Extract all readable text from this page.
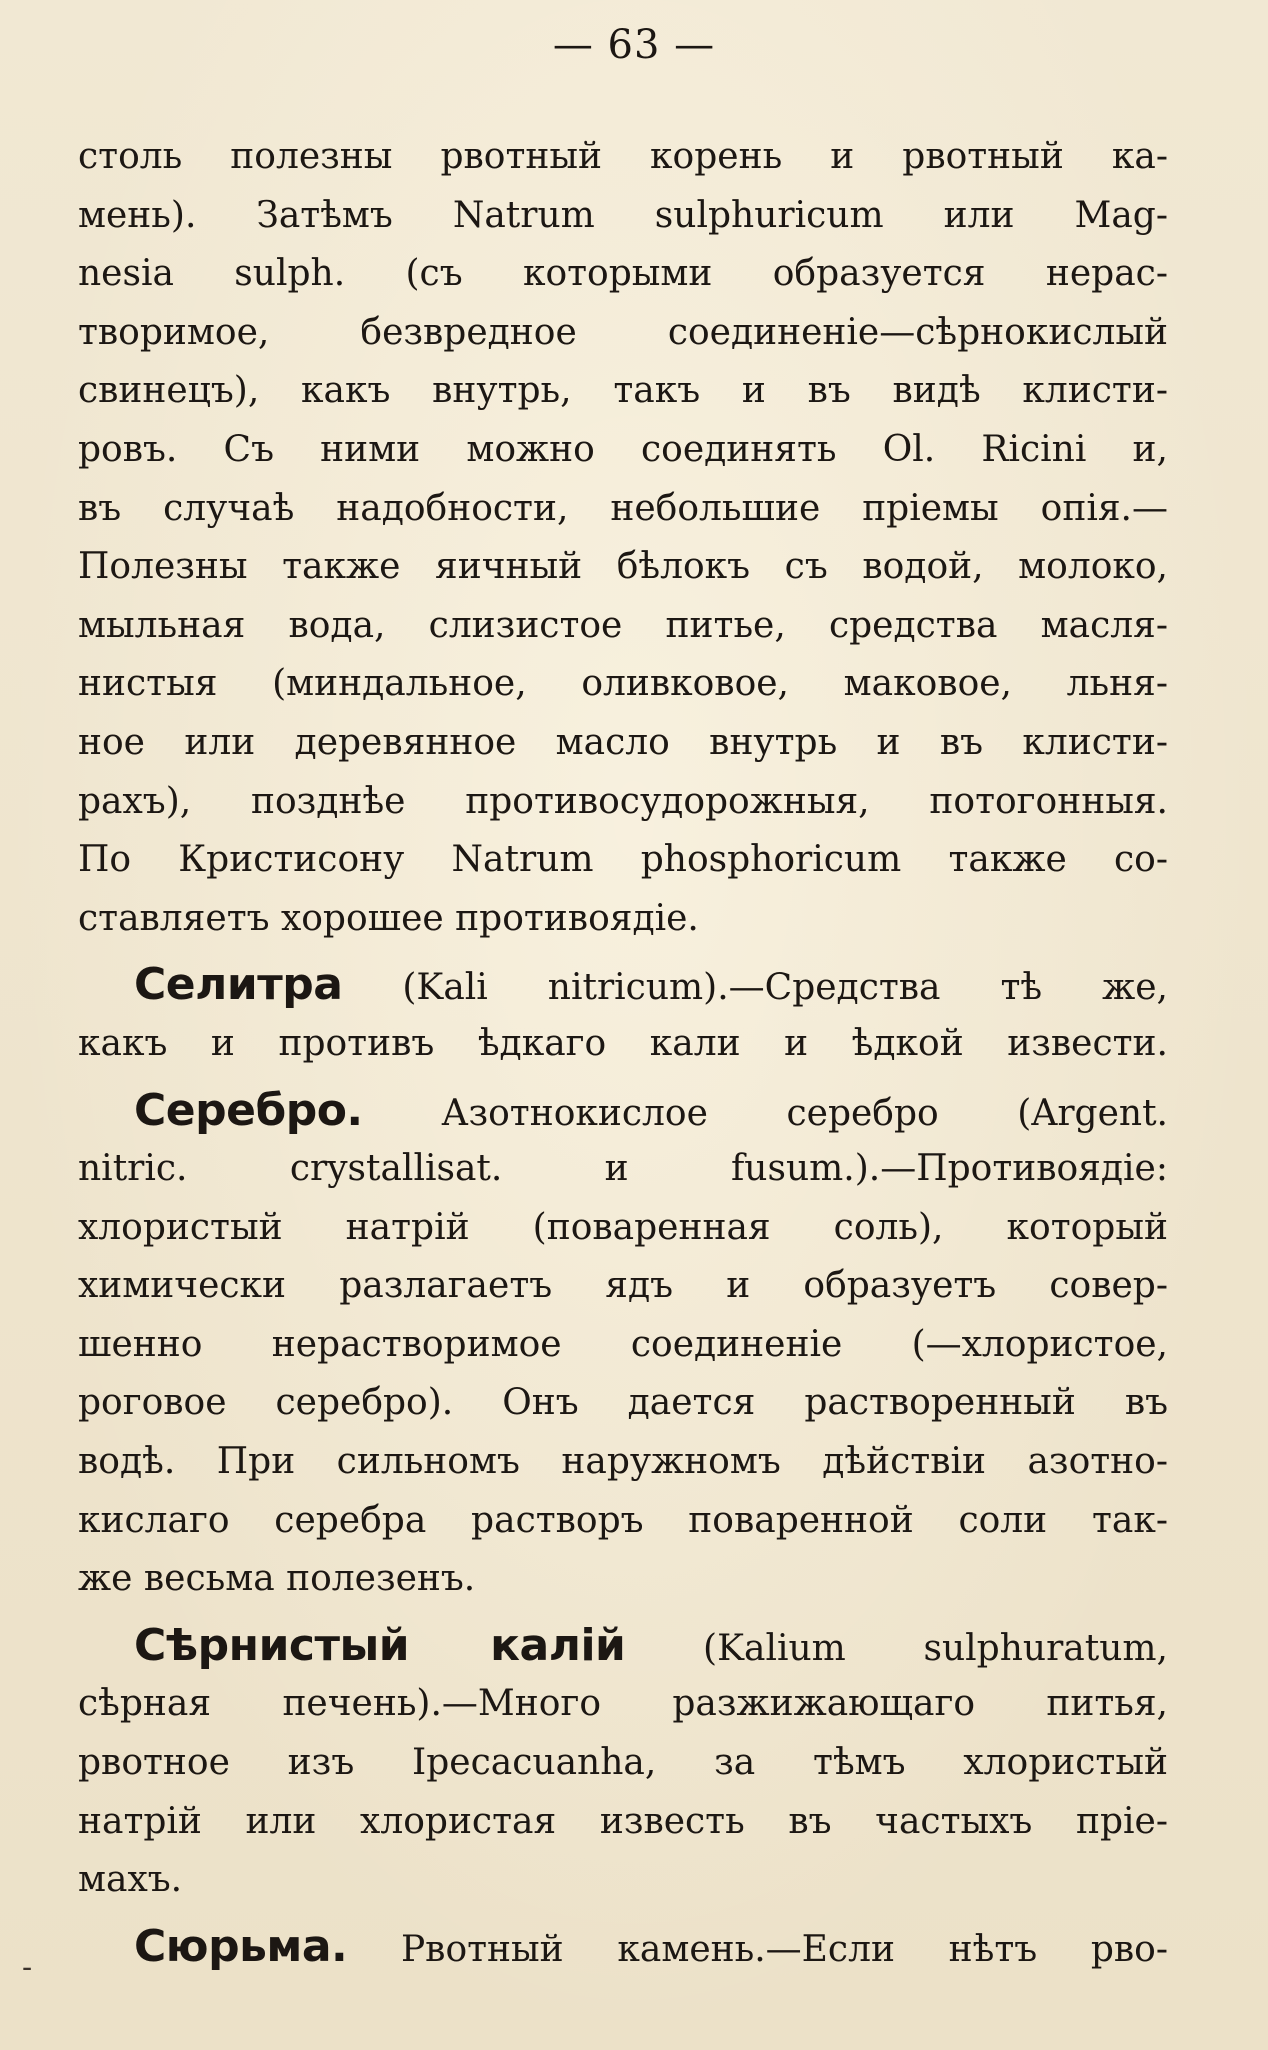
— 63 —
-
столь полезны рвотный корень и рвотный ка-
мень). Затѣмъ Natrum sulphuricum или Mag-
nesia sulph. (съ которыми образуется нерас-
творимое, безвредное соединенiе—сѣрнокислый
свинецъ), какъ внутрь, такъ и въ видѣ клисти-
ровъ. Съ ними можно соединять Ol. Ricini и,
въ случаѣ надобности, небольшие прiемы опiя.—
Полезны также яичный бѣлокъ съ водой, молоко,
мыльная вода, слизистое питье, средства масля-
нистыя (миндальное, оливковое, маковое, льня-
ное или деревянное масло внутрь и въ клисти-
рахъ), позднѣе противосудорожныя, потогонныя.
По Кристисону Natrum phosphoricum также со-
ставляетъ хорошее противоядiе.
Селитра (Kali nitricum).—Средства тѣ же,
какъ и противъ ѣдкаго кали и ѣдкой извести.
Серебро. Азотнокислое серебро (Argent.
nitric. crystallisat. и fusum.).—Противоядiе:
хлористый натрiй (поваренная соль), который
химически разлагаетъ ядъ и образуетъ совер-
шенно нерастворимое соединенiе (—хлористое,
роговое серебро). Онъ дается растворенный въ
водѣ. При сильномъ наружномъ дѣйствiи азотно-
кислаго серебра растворъ поваренной соли так-
же весьма полезенъ.
Сѣрнистый калiй (Kalium sulphuratum,
сѣрная печень).—Много разжижающаго питья,
рвотное изъ Ipecacuanha, за тѣмъ хлористый
натрiй или хлористая известь въ частыхъ прiе-
махъ.
Сюрьма. Рвотный камень.—Если нѣтъ рво-
